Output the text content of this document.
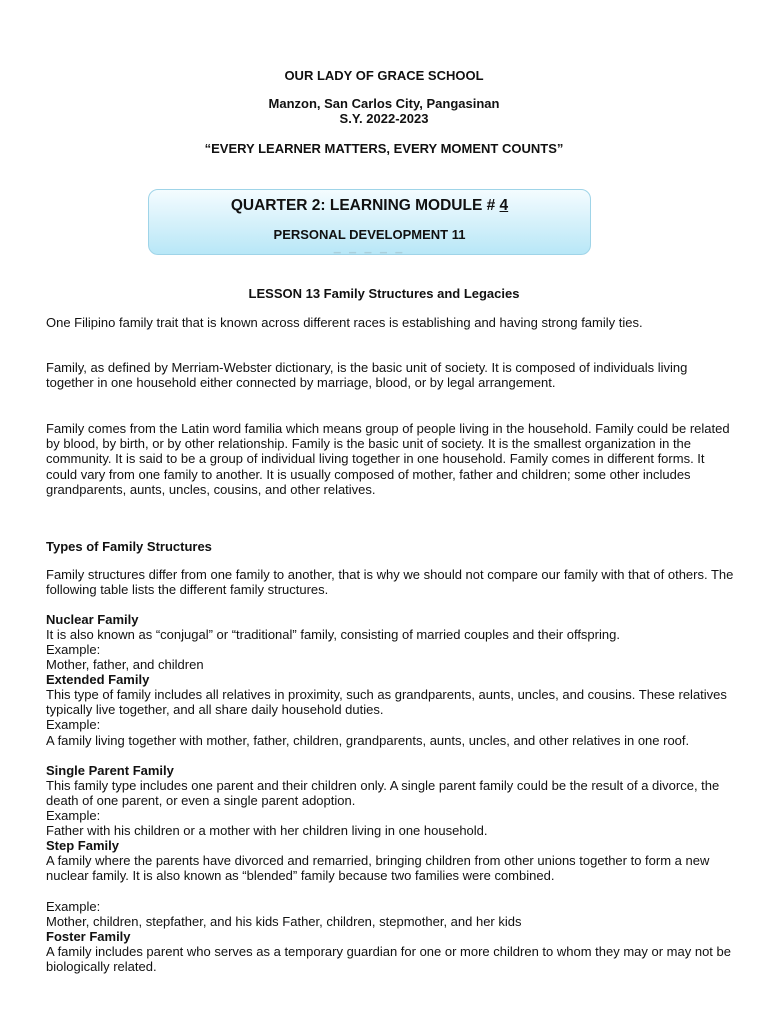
OUR LADY OF GRACE SCHOOL
Manzon, San Carlos City, Pangasinan
S.Y. 2022-2023
“EVERY LEARNER MATTERS, EVERY MOMENT COUNTS”
QUARTER 2: LEARNING MODULE # 4
PERSONAL DEVELOPMENT 11
▁ ▁ ▁ ▁ ▁
LESSON 13 Family Structures and Legacies

One Filipino family trait that is known across different races is establishing and having strong family ties.

Family, as defined by Merriam-Webster dictionary, is the basic unit of society. It is composed of individuals living together in one household either connected by marriage, blood, or by legal arrangement.

Family comes from the Latin word familia which means group of people living in the household. Family could be related by blood, by birth, or by other relationship. Family is the basic unit of society. It is the smallest organization in the community. It is said to be a group of individual living together in one household. Family comes in different forms. It could vary from one family to another. It is usually composed of mother, father and children; some other includes grandparents, aunts, uncles, cousins, and other relatives.

Types of Family Structures

Family structures differ from one family to another, that is why we should not compare our family with that of others. The following table lists the different family structures.

Nuclear Family

It is also known as “conjugal” or “traditional” family, consisting of married couples and their offspring.

Example:

Mother, father, and children

Extended Family

This type of family includes all relatives in proximity, such as grandparents, aunts, uncles, and cousins. These relatives typically live together, and all share daily household duties.

Example:

A family living together with mother, father, children, grandparents, aunts, uncles, and other relatives in one roof.

Single Parent Family

This family type includes one parent and their children only. A single parent family could be the result of a divorce, the death of one parent, or even a single parent adoption.

Example:

Father with his children or a mother with her children living in one household.

Step Family

A family where the parents have divorced and remarried, bringing children from other unions together to form a new nuclear family. It is also known as “blended” family because two families were combined.

Example:

Mother, children, stepfather, and his kids Father, children, stepmother, and her kids

Foster Family

A family includes parent who serves as a temporary guardian for one or more children to whom they may or may not be biologically related.
